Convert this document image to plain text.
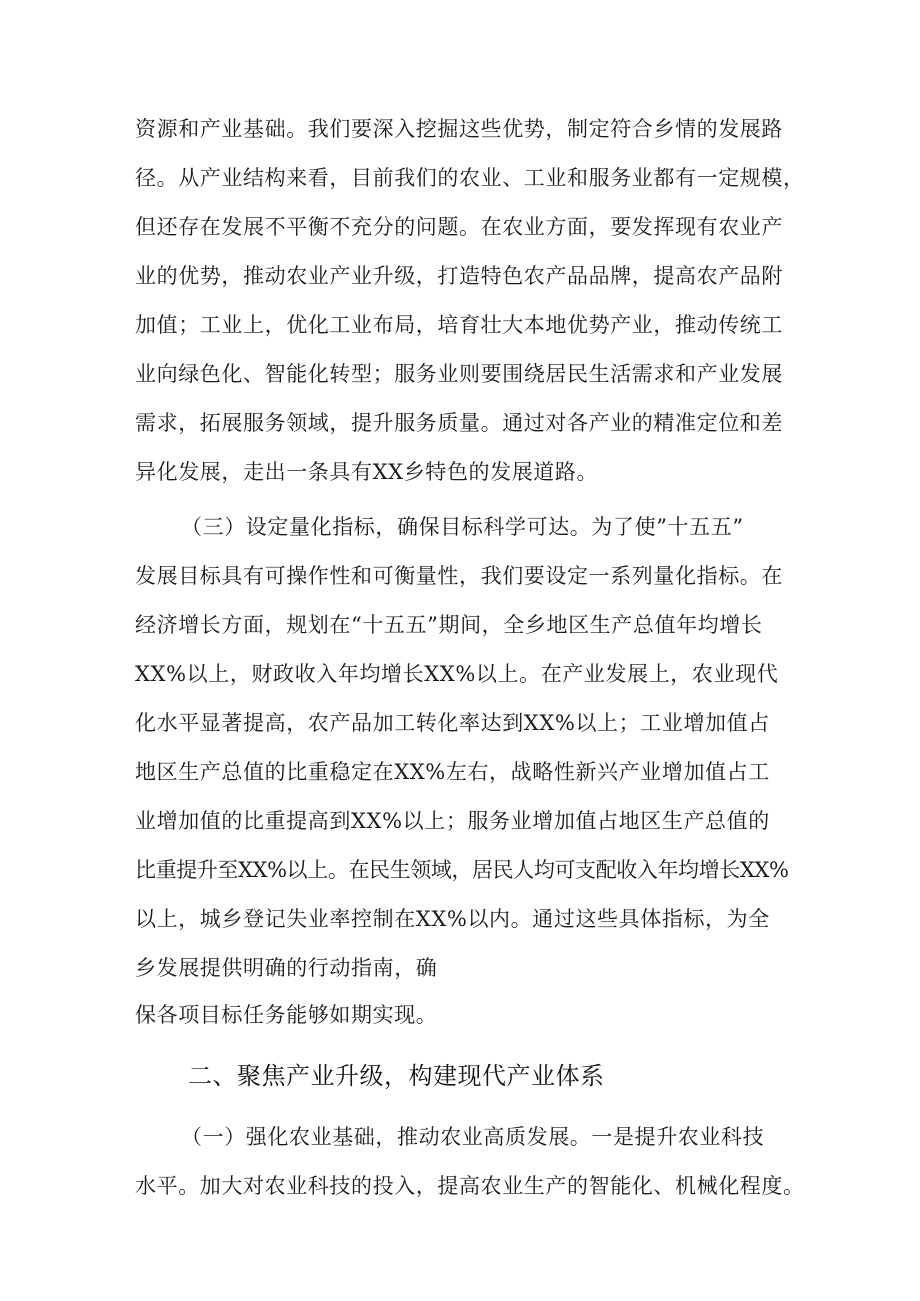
资源和产业基础。我们要深入挖掘这些优势，制定符合乡情的发展路
径。从产业结构来看，目前我们的农业、工业和服务业都有一定规模，
但还存在发展不平衡不充分的问题。在农业方面，要发挥现有农业产
业的优势，推动农业产业升级，打造特色农产品品牌，提高农产品附
加值；工业上，优化工业布局，培育壮大本地优势产业，推动传统工
业向绿色化、智能化转型；服务业则要围绕居民生活需求和产业发展
需求，拓展服务领域，提升服务质量。通过对各产业的精准定位和差
异化发展，走出一条具有XX乡特色的发展道路。
（三）设定量化指标，确保目标科学可达。为了使”十五五”
发展目标具有可操作性和可衡量性，我们要设定一系列量化指标。在
经济增长方面，规划在“十五五”期间，全乡地区生产总值年均增长
XX%以上，财政收入年均增长XX%以上。在产业发展上，农业现代
化水平显著提高，农产品加工转化率达到XX%以上；工业增加值占
地区生产总值的比重稳定在XX%左右，战略性新兴产业增加值占工
业增加值的比重提高到XX%以上；服务业增加值占地区生产总值的
比重提升至XX%以上。在民生领域，居民人均可支配收入年均增长XX%
以上，城乡登记失业率控制在XX%以内。通过这些具体指标，为全
乡发展提供明确的行动指南，确
保各项目标任务能够如期实现。
二、聚焦产业升级，构建现代产业体系
（一）强化农业基础，推动农业高质发展。一是提升农业科技
水平。加大对农业科技的投入，提高农业生产的智能化、机械化程度。
